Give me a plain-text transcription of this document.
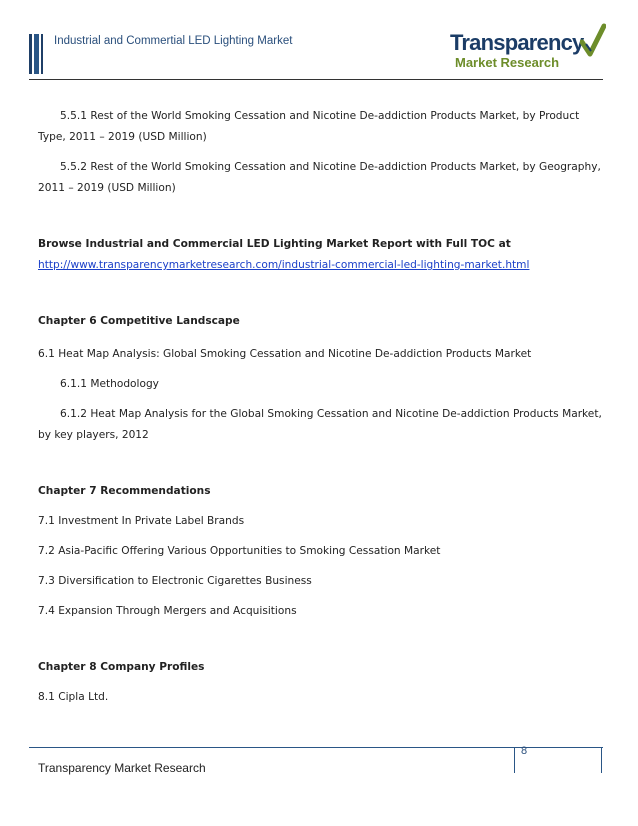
Industrial and Commertial LED Lighting Market	Transparency
Market Research

5.5.1 Rest of the World Smoking Cessation and Nicotine De-addiction Products Market, by Product Type, 2011 – 2019 (USD Million)

5.5.2 Rest of the World Smoking Cessation and Nicotine De-addiction Products Market, by Geography, 2011 – 2019 (USD Million)

Browse Industrial and Commercial LED Lighting Market Report with Full TOC at

http://www.transparencymarketresearch.com/industrial-commercial-led-lighting-market.html

Chapter 6 Competitive Landscape

6.1 Heat Map Analysis: Global Smoking Cessation and Nicotine De-addiction Products Market

6.1.1 Methodology

6.1.2 Heat Map Analysis for the Global Smoking Cessation and Nicotine De-addiction Products Market, by key players, 2012

Chapter 7 Recommendations

7.1 Investment In Private Label Brands

7.2 Asia-Pacific Offering Various Opportunities to Smoking Cessation Market

7.3 Diversification to Electronic Cigarettes Business

7.4 Expansion Through Mergers and Acquisitions

Chapter 8 Company Profiles

8.1 Cipla Ltd.

8
Transparency Market Research
